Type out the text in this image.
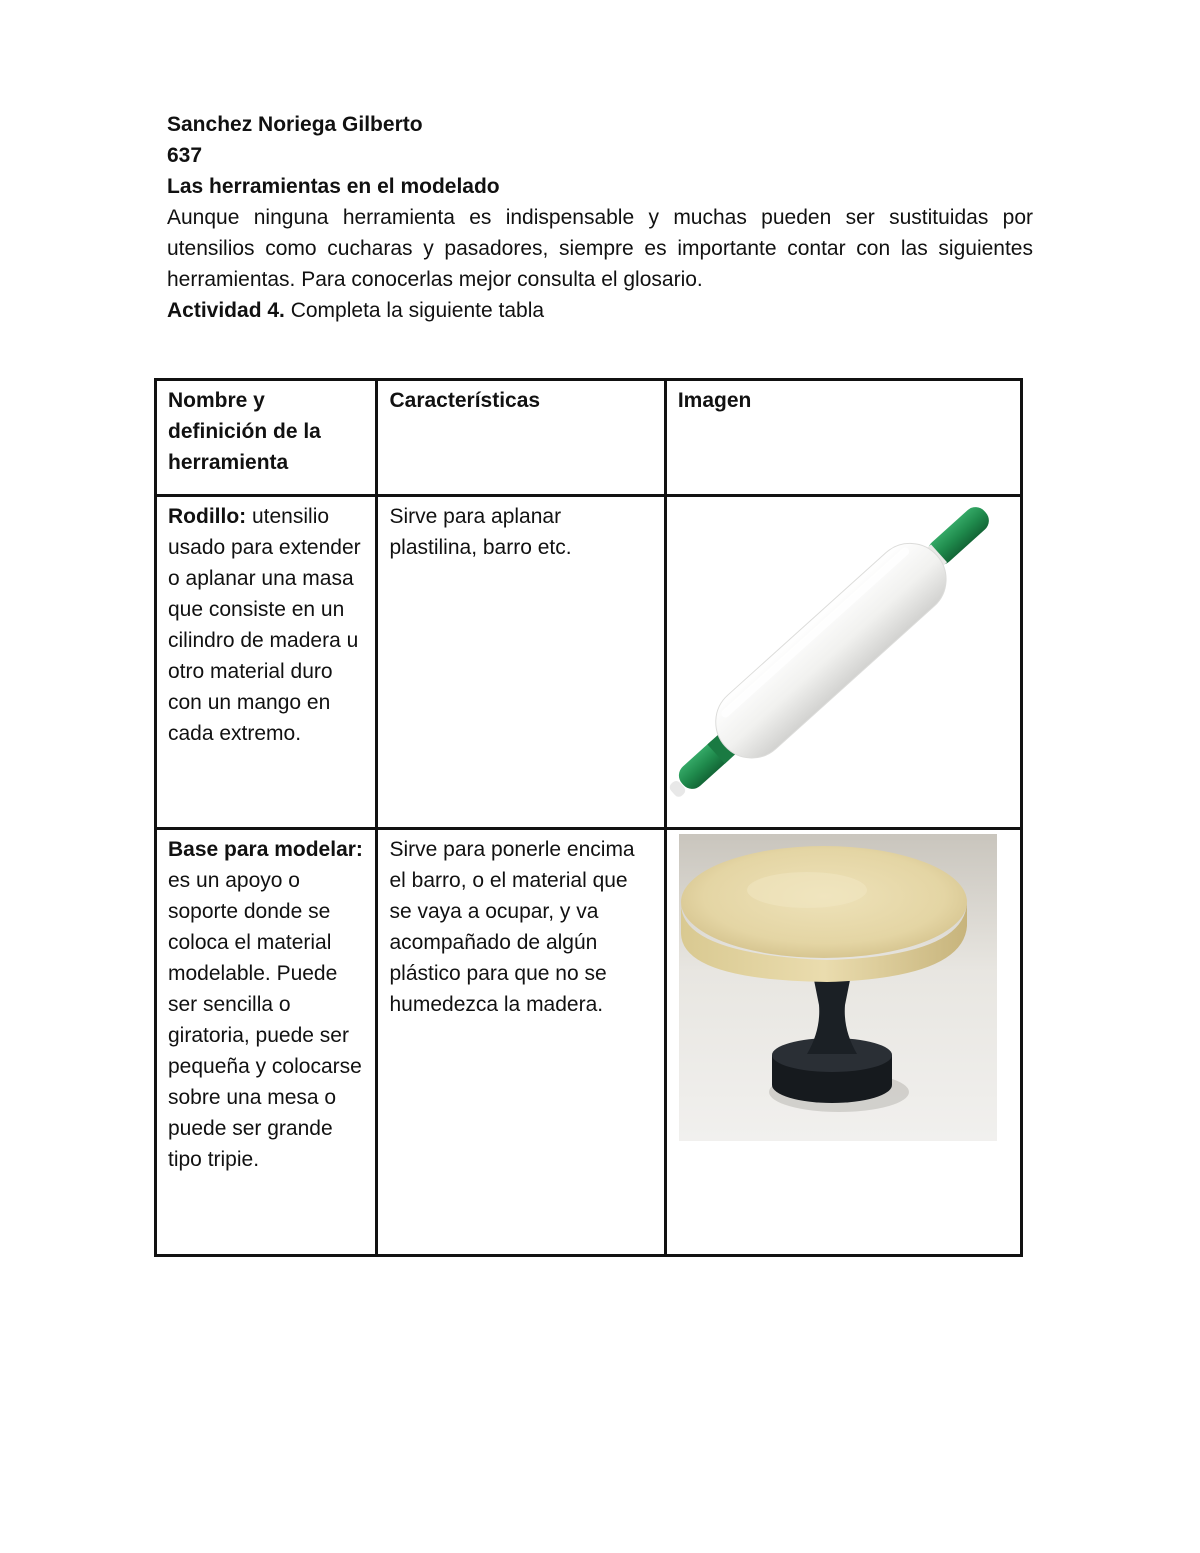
Sanchez Noriega Gilberto

637

Las herramientas en el modelado

Aunque ninguna herramienta es indispensable y muchas pueden ser sustituidas por utensilios como cucharas y pasadores, siempre es importante contar con las siguientes herramientas. Para conocerlas mejor consulta el glosario.

Actividad 4. Completa la siguiente tabla

Nombre y definición de la herramienta	Características	Imagen
Rodillo: utensilio usado para extender o aplanar una masa que consiste en un cilindro de madera u otro material duro con un mango en cada extremo.	Sirve para aplanar plastilina, barro etc.	

Base para modelar: es un apoyo o soporte donde se coloca el material modelable. Puede ser sencilla o giratoria, puede ser pequeña y colocarse sobre una mesa o puede ser grande tipo tripie.	Sirve para ponerle encima el barro, o el material que se vaya a ocupar, y va acompañado de algún plástico para que no se humedezca la madera.	
